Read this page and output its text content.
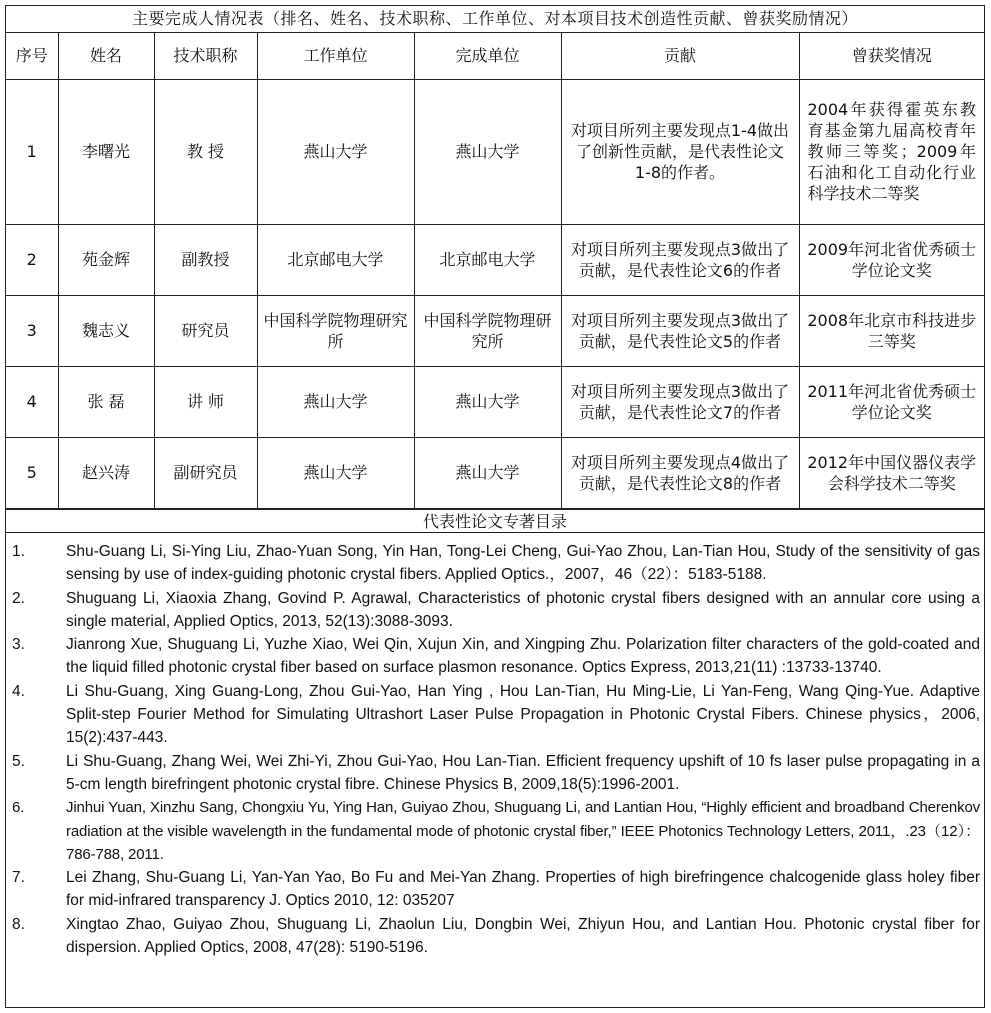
主要完成人情况表（排名、姓名、技术职称、工作单位、对本项目技术创造性贡献、曾获奖励情况）						
序号	姓名	技术职称	工作单位	完成单位	贡献	曾获奖情况
1	李曙光	教 授	燕山大学	燕山大学	对项目所列主要发现点1-4做出了创新性贡献，是代表性论文1-8的作者。	2004年获得霍英东教育基金第九届高校青年教师三等奖；2009年石油和化工自动化行业科学技术二等奖
2	苑金辉	副教授	北京邮电大学	北京邮电大学	对项目所列主要发现点3做出了贡献，是代表性论文6的作者	2009年河北省优秀硕士学位论文奖
3	魏志义	研究员	中国科学院物理研究所	中国科学院物理研究所	对项目所列主要发现点3做出了贡献，是代表性论文5的作者	2008年北京市科技进步三等奖
4	张 磊	讲 师	燕山大学	燕山大学	对项目所列主要发现点3做出了贡献，是代表性论文7的作者	2011年河北省优秀硕士学位论文奖
5	赵兴涛	副研究员	燕山大学	燕山大学	对项目所列主要发现点4做出了贡献，是代表性论文8的作者	2012年中国仪器仪表学会科学技术二等奖
代表性论文专著目录
1.	Shu-Guang Li, Si-Ying Liu, Zhao-Yuan Song, Yin Han, Tong-Lei Cheng, Gui-Yao Zhou, Lan-Tian Hou, Study of the sensitivity of gas sensing by use of index-guiding photonic crystal fibers. Applied Optics.，2007，46（22）：5183-5188.
2.	Shuguang Li, Xiaoxia Zhang, Govind P. Agrawal, Characteristics of photonic crystal fibers designed with an annular core using a single material, Applied Optics, 2013, 52(13):3088-3093.
3.	Jianrong Xue, Shuguang Li, Yuzhe Xiao, Wei Qin, Xujun Xin, and Xingping Zhu. Polarization filter characters of the gold-coated and the liquid filled photonic crystal fiber based on surface plasmon resonance. Optics Express, 2013,21(11) :13733-13740.
4.	Li Shu-Guang, Xing Guang-Long, Zhou Gui-Yao, Han Ying , Hou Lan-Tian, Hu Ming-Lie, Li Yan-Feng, Wang Qing-Yue. Adaptive Split-step Fourier Method for Simulating Ultrashort Laser Pulse Propagation in Photonic Crystal Fibers. Chinese physics，2006, 15(2):437-443.
5.	Li Shu-Guang, Zhang Wei, Wei Zhi-Yi, Zhou Gui-Yao, Hou Lan-Tian. Efficient frequency upshift of 10 fs laser pulse propagating in a 5-cm length birefringent photonic crystal fibre. Chinese Physics B, 2009,18(5):1996-2001.
6.	Jinhui Yuan, Xinzhu Sang, Chongxiu Yu, Ying Han, Guiyao Zhou, Shuguang Li, and Lantian Hou, “Highly efficient and broadband Cherenkov radiation at the visible wavelength in the fundamental mode of photonic crystal fiber,” IEEE Photonics Technology Letters, 2011，.23（12）：786-788, 2011.
7.	Lei Zhang, Shu-Guang Li, Yan-Yan Yao, Bo Fu and Mei-Yan Zhang. Properties of high birefringence chalcogenide glass holey fiber for mid-infrared transparency J. Optics 2010, 12: 035207
8.	Xingtao Zhao, Guiyao Zhou, Shuguang Li, Zhaolun Liu, Dongbin Wei, Zhiyun Hou, and Lantian Hou. Photonic crystal fiber for dispersion. Applied Optics, 2008, 47(28): 5190-5196.
